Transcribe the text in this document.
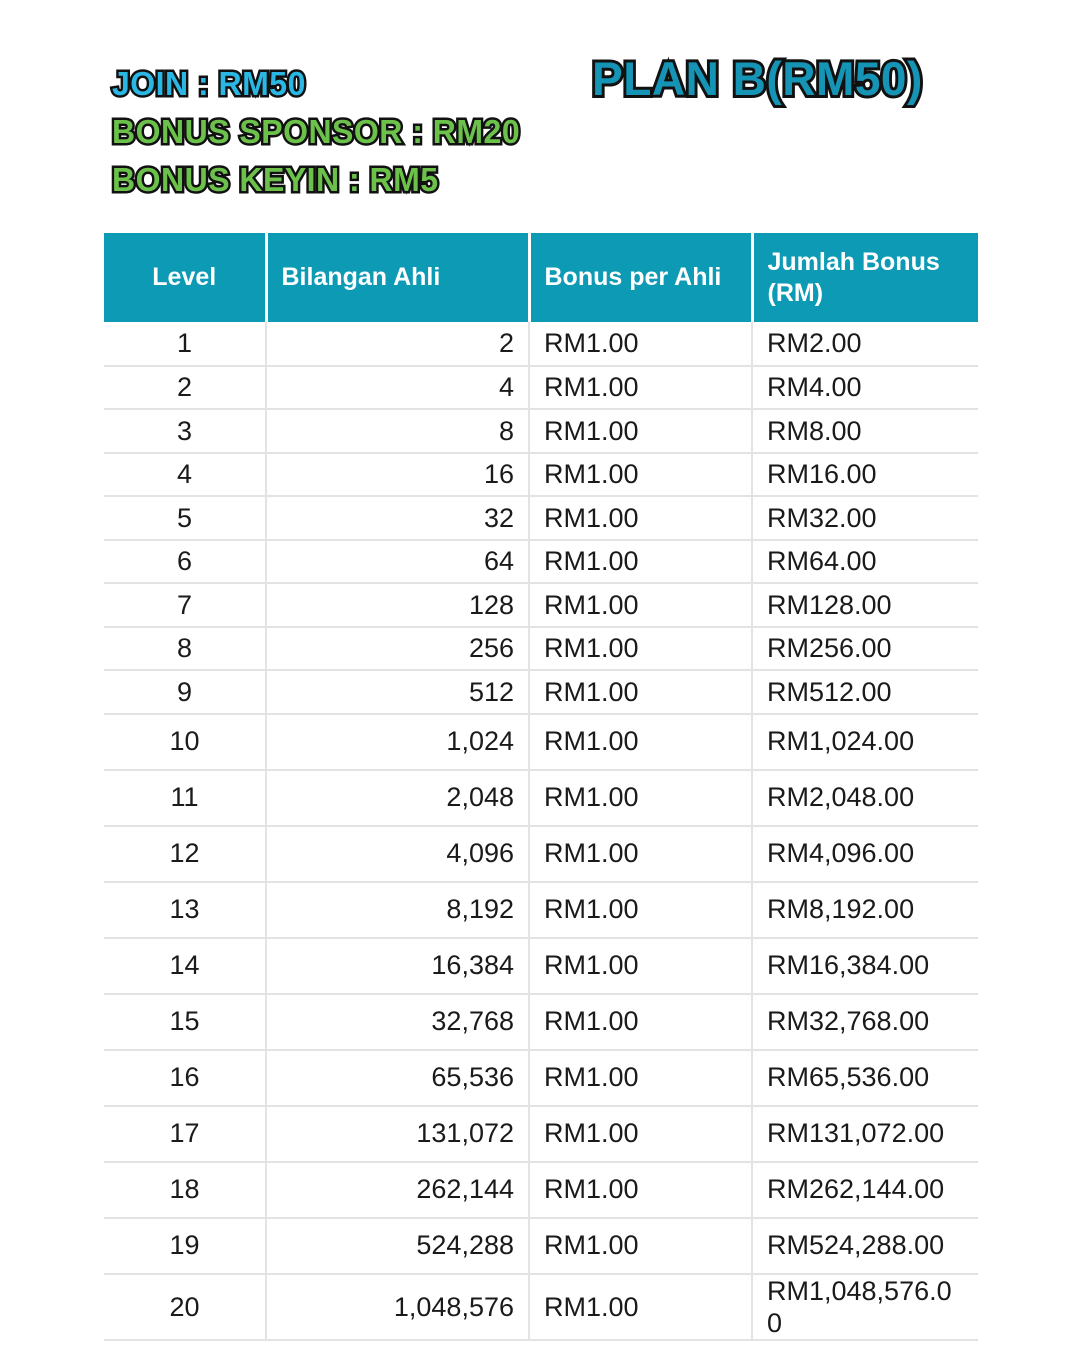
JOIN : RM50
BONUS SPONSOR : RM20
BONUS KEYIN : RM5
PLAN B(RM50)
Level	Bilangan Ahli	Bonus per Ahli	Jumlah Bonus (RM)
1	2	RM1.00	RM2.00
2	4	RM1.00	RM4.00
3	8	RM1.00	RM8.00
4	16	RM1.00	RM16.00
5	32	RM1.00	RM32.00
6	64	RM1.00	RM64.00
7	128	RM1.00	RM128.00
8	256	RM1.00	RM256.00
9	512	RM1.00	RM512.00
10	1,024	RM1.00	RM1,024.00
11	2,048	RM1.00	RM2,048.00
12	4,096	RM1.00	RM4,096.00
13	8,192	RM1.00	RM8,192.00
14	16,384	RM1.00	RM16,384.00
15	32,768	RM1.00	RM32,768.00
16	65,536	RM1.00	RM65,536.00
17	131,072	RM1.00	RM131,072.00
18	262,144	RM1.00	RM262,144.00
19	524,288	RM1.00	RM524,288.00
20	1,048,576	RM1.00	RM1,048,576.00
